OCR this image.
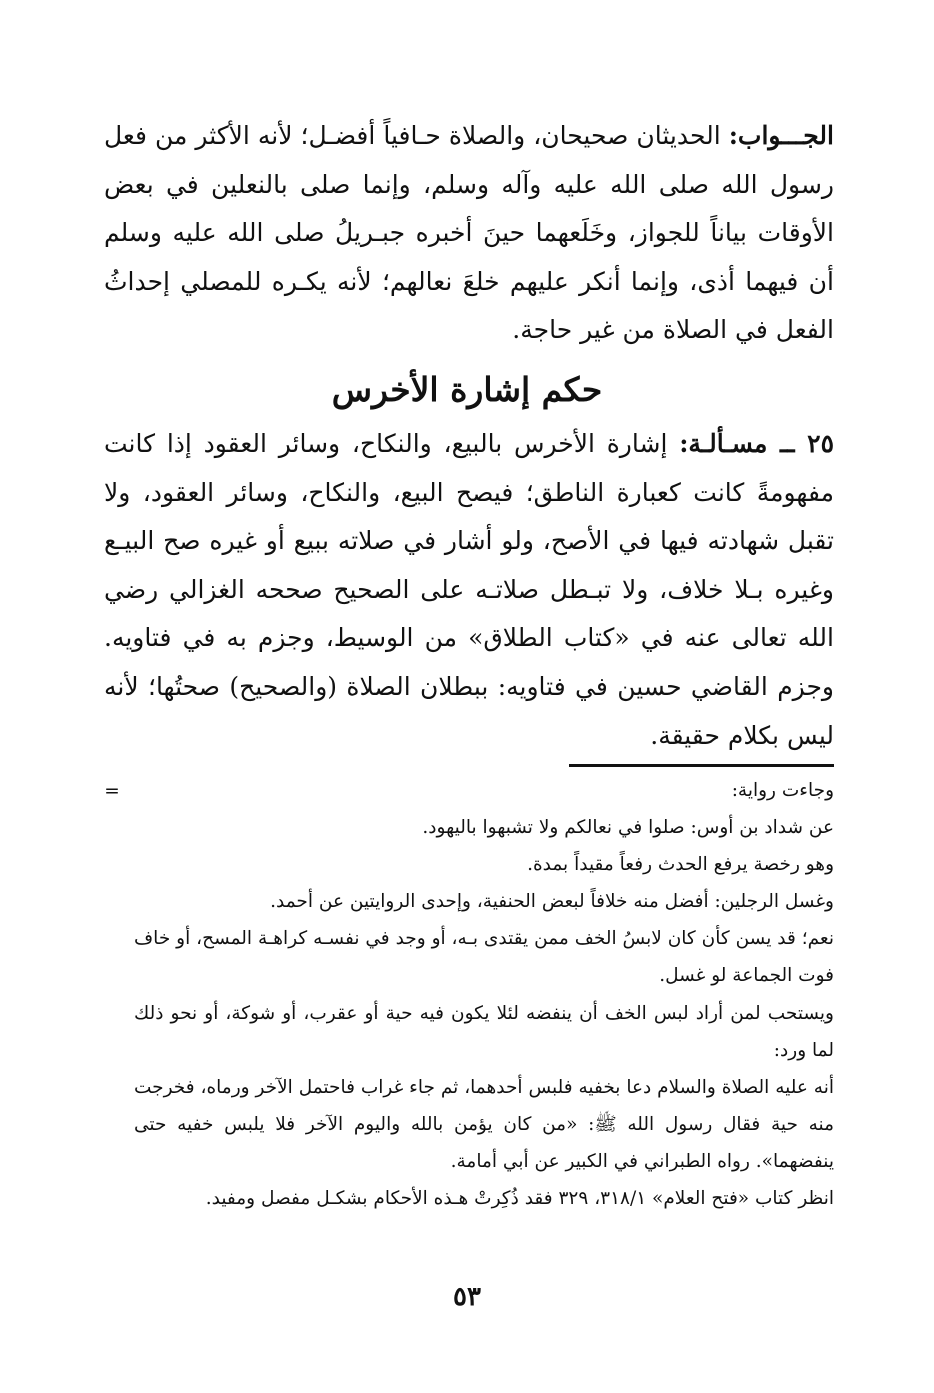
الجـــواب: الحديثان صحيحان، والصلاة حـافياً أفضـل؛ لأنه الأكثر من فعل رسول الله صلى الله عليه وآله وسلم، وإنما صلى بالنعلين في بعض الأوقات بياناً للجواز، وخَلَعهما حينَ أخبره جبـريلُ صلى الله عليه وسلم أن فيهما أذى، وإنما أنكر عليهم خلعَ نعالهم؛ لأنه يكـره للمصلي إحداثُ الفعل في الصلاة من غير حاجة.

حكم إشارة الأخرس

٢٥ ــ مسـألـة: إشارة الأخرس بالبيع، والنكاح، وسائر العقود إذا كانت مفهومةً كانت كعبارة الناطق؛ فيصح البيع، والنكاح، وسائر العقود، ولا تقبل شهادته فيها في الأصح، ولو أشار في صلاته ببيع أو غيره صح البيـع وغيره بـلا خلاف، ولا تبـطل صلاتـه على الصحيح صححه الغزالي رضي الله تعالى عنه في «كتاب الطلاق» من الوسيط، وجزم به في فتاويه. وجزم القاضي حسين في فتاويه: ببطلان الصلاة (والصحيح) صحتُها؛ لأنه ليس بكلام حقيقة.

=	وجاءت رواية:

عن شداد بن أوس: صلوا في نعالكم ولا تشبهوا باليهود.

وهو رخصة يرفع الحدث رفعاً مقيداً بمدة.

وغسل الرجلين: أفضل منه خلافاً لبعض الحنفية، وإحدى الروايتين عن أحمد.

نعم؛ قد يسن كأن كان لابسُ الخف ممن يقتدى بـه، أو وجد في نفسـه كراهـة المسح، أو خاف فوت الجماعة لو غسل.

ويستحب لمن أراد لبس الخف أن ينفضه لئلا يكون فيه حية أو عقرب، أو شوكة، أو نحو ذلك لما ورد:

أنه عليه الصلاة والسلام دعا بخفيه فلبس أحدهما، ثم جاء غراب فاحتمل الآخر ورماه، فخرجت منه حية فقال رسول الله ﷺ: «من كان يؤمن بالله واليوم الآخر فلا يلبس خفيه حتى ينفضهما». رواه الطبراني في الكبير عن أبي أمامة.

انظر كتاب «فتح العلام» ٣١٨/١، ٣٢٩ فقد ذُكِرتْ هـذه الأحكام بشكـل مفصل ومفيد.

٥٣
